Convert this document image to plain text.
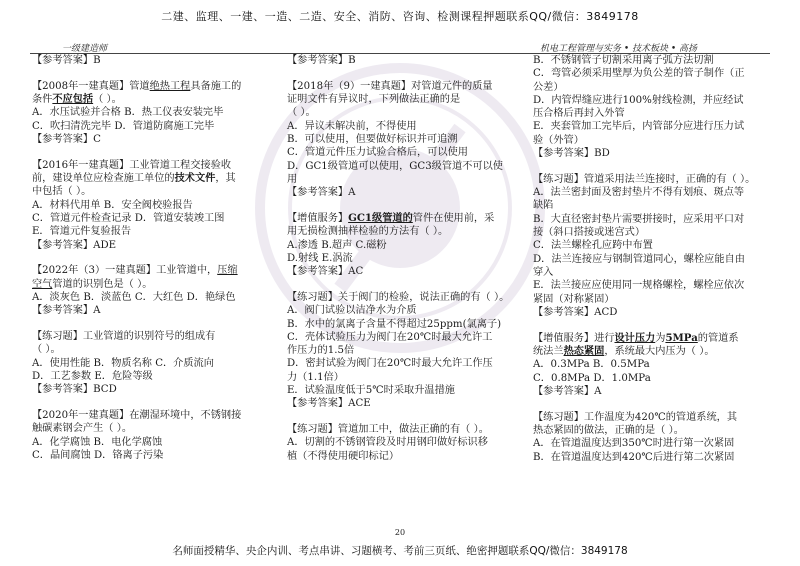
二建、监理、一建、一造、二造、安全、消防、咨询、检测课程押题联系QQ/微信：3849178
一级建造师	机电工程管理与实务 • 技术板块 • 高扬

【参考答案】B

【2008年一建真题】管道绝热工程具备施工的

条件不应包括（ ）。

A．水压试验并合格 B．热工仪表安装完毕

C．吹扫清洗完毕 D．管道防腐施工完毕

【参考答案】C

【2016年一建真题】工业管道工程交接验收

前，建设单位应检查施工单位的技术文件，其

中包括（ ）。

A．材料代用单 B．安全阀校验报告

C．管道元件检查记录 D．管道安装竣工图

E．管道元件复验报告

【参考答案】ADE

【2022年（3）一建真题】工业管道中，压缩

空气管道的识别色是（ ）。

A．淡灰色 B．淡蓝色 C．大红色 D．艳绿色

【参考答案】A

【练习题】工业管道的识别符号的组成有

（ ）。

A．使用性能 B．物质名称 C．介质流向

D．工艺参数 E．危险等级

【参考答案】BCD

【2020年一建真题】在潮湿环境中，不锈钢接

触碳素钢会产生（ ）。

A．化学腐蚀 B．电化学腐蚀

C．晶间腐蚀 D．铬离子污染

【参考答案】B

【2018年（9）一建真题】对管道元件的质量

证明文件有异议时，下列做法正确的是

（ ）。

A．异议未解决前，不得使用

B．可以使用，但要做好标识并可追溯

C．管道元件压力试验合格后，可以使用

D．GC1级管道可以使用，GC3级管道不可以使

用

【参考答案】A

【增值服务】GC1级管道的管件在使用前，采

用无损检测抽样检验的方法有（ ）。

A.渗透 B.超声 C.磁粉

D.射线 E.涡流

【参考答案】AC

【练习题】关于阀门的检验，说法正确的有（ ）。

A．阀门试验以洁净水为介质

B．水中的氯离子含量不得超过25ppm(氯离子)

C．壳体试验压力为阀门在20℃时最大允许工

作压力的1.5倍

D．密封试验为阀门在20℃时最大允许工作压

力（1.1倍）

E．试验温度低于5℃时采取升温措施

【参考答案】ACE

【练习题】管道加工中，做法正确的有（ ）。

A．切割的不锈钢管段及时用钢印做好标识移

植（不得使用硬印标记）

B．不锈钢管子切割采用离子弧方法切割

C．弯管必须采用壁厚为负公差的管子制作（正

公差）

D．内管焊缝应进行100%射线检测，并应经试

压合格后再封入外管

E．夹套管加工完毕后，内管部分应进行压力试

验（外管）

【参考答案】BD

【练习题】管道采用法兰连接时，正确的有（ ）。

A．法兰密封面及密封垫片不得有划痕、斑点等

缺陷

B．大直径密封垫片需要拼接时，应采用平口对

接（斜口搭接或迷宫式）

C．法兰螺栓孔应跨中布置

D．法兰连接应与钢制管道同心，螺栓应能自由

穿入

E．法兰接应应使用同一规格螺栓，螺栓应依次

紧固（对称紧固）

【参考答案】ACD

【增值服务】进行设计压力为5MPa的管道系

统法兰热态紧固，系统最大内压为（ ）。

A．0.3MPa B．0.5MPa

C．0.8MPa D．1.0MPa

【参考答案】A

【练习题】工作温度为420℃的管道系统，其

热态紧固的做法，正确的是（ ）。

A．在管道温度达到350℃时进行第一次紧固

B．在管道温度达到420℃后进行第二次紧固

20
名师面授精华、央企内训、考点串讲、习题横考、考前三页纸、绝密押题联系QQ/微信：3849178
